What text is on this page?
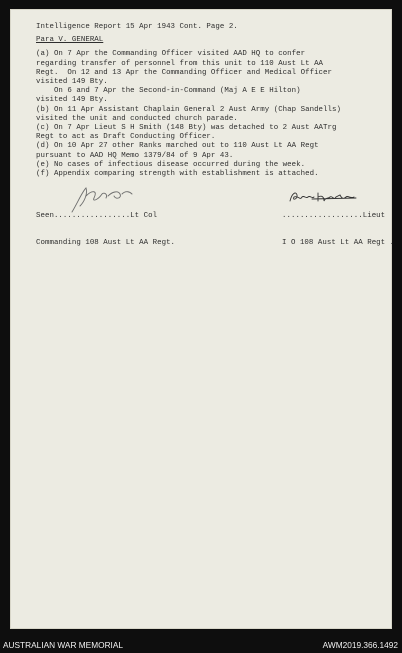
Intelligence Report 15 Apr 1943 Cont. Page 2.
Para V. GENERAL
(a) On 7 Apr the Commanding Officer visited AAD HQ to confer
regarding transfer of personnel from this unit to 110 Aust Lt AA
Regt.  On 12 and 13 Apr the Commanding Officer and Medical Officer
visited 149 Bty.
On 6 and 7 Apr the Second-in-Command (Maj A E E Hilton)
visited 149 Bty.
(b) On 11 Apr Assistant Chaplain General 2 Aust Army (Chap Sandells)
visited the unit and conducted church parade.
(c) On 7 Apr Lieut S H Smith (148 Bty) was detached to 2 Aust AATrg
Regt to act as Draft Conducting Officer.
(d) On 10 Apr 27 other Ranks marched out to 110 Aust Lt AA Regt
pursuant to AAD HQ Memo 1379/84 of 9 Apr 43.
(e) No cases of infectious disease occurred during the week.
(f) Appendix comparing strength with establishment is attached.

Seen.................Lt Col

Commanding 108 Aust Lt AA Regt.

..................Lieut

I O 108 Aust Lt AA Regt .

AUSTRALIAN WAR MEMORIAL	AWM2019.366.1492
